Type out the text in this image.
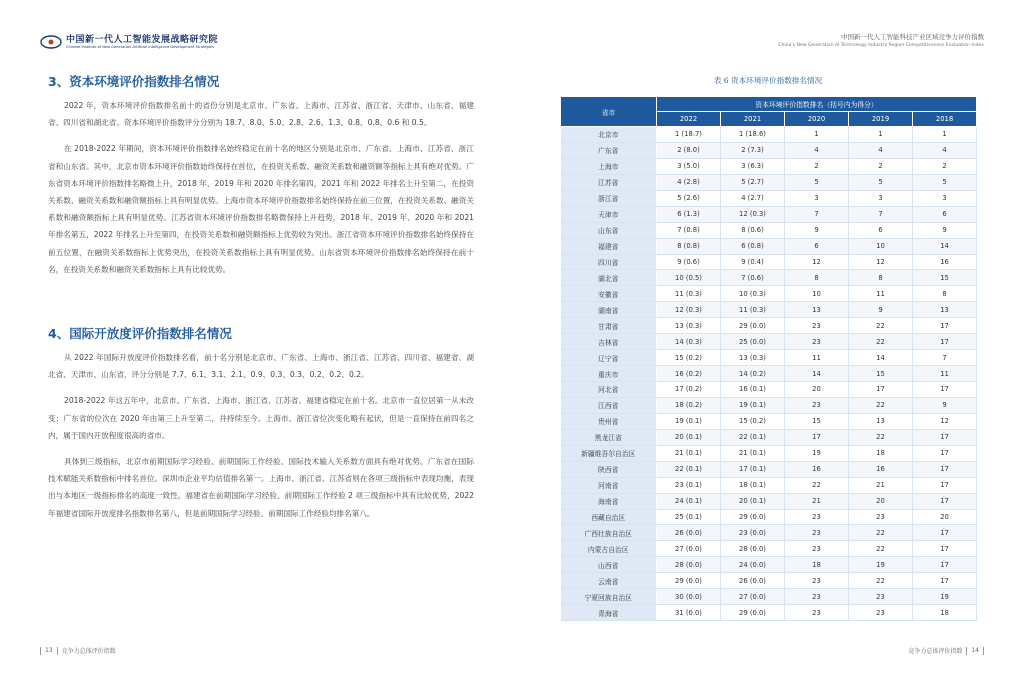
中国新一代人工智能发展战略研究院
Chinese Institute of New Generation Artificial Intelligence Development Strategies
3、资本环境评价指数排名情况

2022 年，资本环境评价指数排名前十的省份分别是北京市、广东省、上海市、江苏省、浙江省、天津市、山东省、福建省、四川省和湖北省。资本环境评价指数评分分别为 18.7、8.0、5.0、2.8、2.6、1.3、0.8、0.8、0.6 和 0.5。

在 2018-2022 年期间，资本环境评价指数排名始终稳定在前十名的地区分别是北京市、广东省、上海市、江苏省、浙江省和山东省。其中，北京市资本环境评价指数始终保持在首位，在投资关系数、融资关系数和融资额等指标上具有绝对优势。广东省资本环境评价指数排名略微上升，2018 年、2019 年和 2020 年排名第四，2021 年和 2022 年排名上升至第二，在投资关系数、融资关系数和融资额指标上具有明显优势。上海市资本环境评价指数排名始终保持在前三位置，在投资关系数、融资关系数和融资额指标上具有明显优势。江苏省资本环境评价指数排名略微保持上升趋势，2018 年、2019 年、2020 年和 2021 年排名第五，2022 年排名上升至第四，在投资关系数和融资额指标上优势较为突出。浙江省资本环境评价指数排名始终保持在前五位置，在融资关系数指标上优势突出，在投资关系数指标上具有明显优势。山东省资本环境评价指数排名始终保持在前十名，在投资关系数和融资关系数指标上具有比较优势。

4、国际开放度评价指数排名情况

从 2022 年国际开放度评价指数排名看，前十名分别是北京市、广东省、上海市、浙江省、江苏省、四川省、福建省、湖北省、天津市、山东省，评分分别是 7.7、6.1、3.1、2.1、0.9、0.3、0.3、0.2、0.2、0.2。

2018-2022 年这五年中，北京市、广东省、上海市、浙江省、江苏省、福建省稳定在前十名。北京市一直位居第一从未改变；广东省的位次在 2020 年由第三上升至第二，并持续至今。上海市、浙江省位次变化略有起伏，但是一直保持在前四名之内，属于国内开放程度很高的省市。

具体到三级指标，北京市前期国际学习经验、前期国际工作经验、国际技术输入关系数方面具有绝对优势。广东省在国际技术赋能关系数指标中排名首位。深圳市企业平均估值排名第一。上海市、浙江省、江苏省则在各项三级指标中表现均衡，表现出与本地区一级指标排名的高度一致性。福建省在前期国际学习经验、前期国际工作经验 2 项三级指标中具有比较优势，2022 年福建省国际开放度排名指数排名第八，但是前期国际学习经验、前期国际工作经验均排名第八。

13 竞争力总体评价指数
中国新一代人工智能科技产业区域竞争力评价指数
China's New Generation AI Technology Industry Region Competitiveness Evaluation Index
表 6 资本环境评价指数排名情况
省市	资本环境评价指数排名（括号内为得分）				
	2022	2021	2020	2019	2018
北京市	1 (18.7)	1 (18.6)	1	1	1
广东省	2 (8.0)	2 (7.3)	4	4	4
上海市	3 (5.0)	3 (6.3)	2	2	2
江苏省	4 (2.8)	5 (2.7)	5	5	5
浙江省	5 (2.6)	4 (2.7)	3	3	3
天津市	6 (1.3)	12 (0.3)	7	7	6
山东省	7 (0.8)	8 (0.6)	9	6	9
福建省	8 (0.8)	6 (0.8)	6	10	14
四川省	9 (0.6)	9 (0.4)	12	12	16
湖北省	10 (0.5)	7 (0.6)	8	8	15
安徽省	11 (0.3)	10 (0.3)	10	11	8
湖南省	12 (0.3)	11 (0.3)	13	9	13
甘肃省	13 (0.3)	29 (0.0)	23	22	17
吉林省	14 (0.3)	25 (0.0)	23	22	17
辽宁省	15 (0.2)	13 (0.3)	11	14	7
重庆市	16 (0.2)	14 (0.2)	14	15	11
河北省	17 (0.2)	16 (0.1)	20	17	17
江西省	18 (0.2)	19 (0.1)	23	22	9
贵州省	19 (0.1)	15 (0.2)	15	13	12
黑龙江省	20 (0.1)	22 (0.1)	17	22	17
新疆维吾尔自治区	21 (0.1)	21 (0.1)	19	18	17
陕西省	22 (0.1)	17 (0.1)	16	16	17
河南省	23 (0.1)	18 (0.1)	22	21	17
海南省	24 (0.1)	20 (0.1)	21	20	17
西藏自治区	25 (0.1)	29 (0.0)	23	23	20
广西壮族自治区	26 (0.0)	23 (0.0)	23	22	17
内蒙古自治区	27 (0.0)	28 (0.0)	23	22	17
山西省	28 (0.0)	24 (0.0)	18	19	17
云南省	29 (0.0)	26 (0.0)	23	22	17
宁夏回族自治区	30 (0.0)	27 (0.0)	23	23	19
青海省	31 (0.0)	29 (0.0)	23	23	18
竞争力总体评价指数 14
